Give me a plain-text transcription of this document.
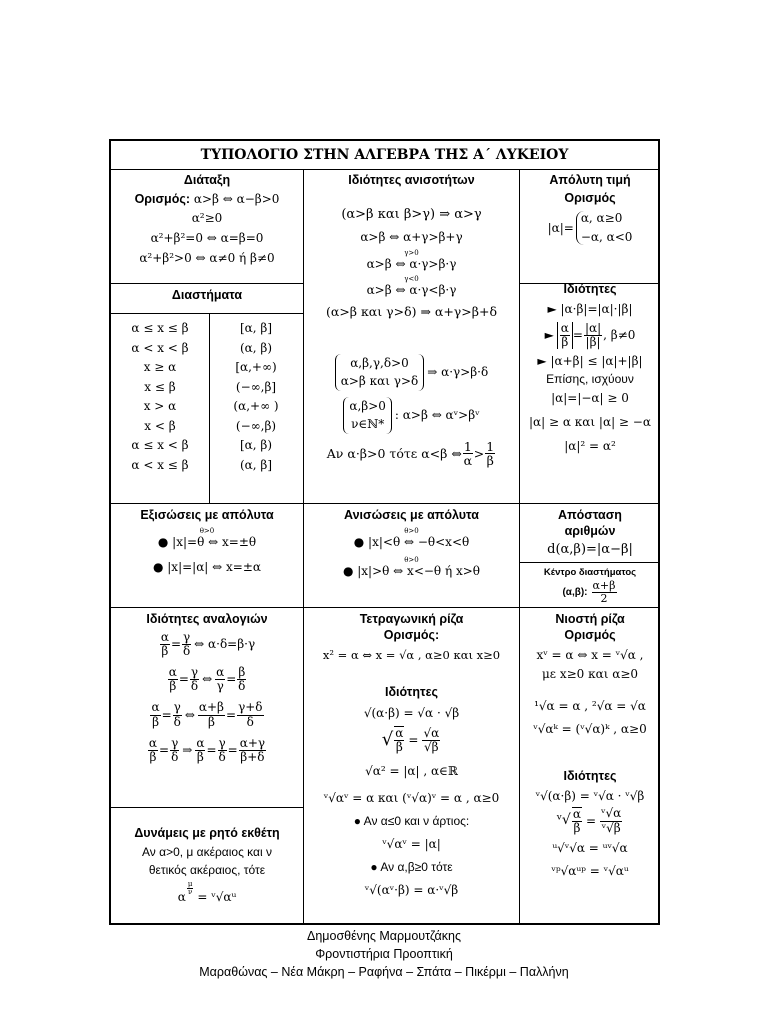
ΤΥΠΟΛΟΓΙΟ ΣΤΗΝ ΑΛΓΕΒΡΑ ΤΗΣ Α΄ ΛΥΚΕΙΟΥ
Διάταξη
Ορισμός: α>β ⇔ α−β>0
α²≥0
α²+β²=0 ⇔ α=β=0
α²+β²>0 ⇔ α≠0 ή β≠0
Ιδιότητες ανισοτήτων
(α>β και β>γ) ⇒ α>γ
α>β ⇔ α+γ>β+γ
γ>0
α>β ⇔ α·γ>β·γ
γ<0
α>β ⇔ α·γ<β·γ
(α>β και γ>δ) ⇒ α+γ>β+δ
α,β,γ,δ>0
α>β και γ>δ
⇒ α·γ>β·δ
α,β>0
ν∈ℕ*
: α>β ⇔ αᵛ>βᵛ
Αν α·β>0 τότε α<β ⇔ $\frac{1}{\alpha} > \frac{1}{\beta}$
Απόλυτη τιμή
Ορισμός
|α|=
α, α≥0
−α, α<0
Ιδιότητες
► |α·β|=|α|·|β|
► $\frac{\alpha}{\beta} = \frac{|\alpha|}{|\beta|}$ , β≠0
► |α+β| ≤ |α|+|β|
Επίσης, ισχύουν
|α|=|−α| ≥ 0
|α| ≥ α και |α| ≥ −α
|α|² = α²
Διαστήματα
α ≤ x ≤ β	[α, β]
α < x < β	(α, β)
x ≥ α	[α,+∞)
x ≤ β	(−∞,β]
x > α	(α,+∞ )
x < β	(−∞,β)
α ≤ x < β	[α, β)
α < x ≤ β	(α, β]
Εξισώσεις με απόλυτα
θ>0
● |x|=θ ⇔ x=±θ
● |x|=|α| ⇔ x=±α
Ανισώσεις με απόλυτα
θ>0
● |x|<θ ⇔ −θ<x<θ
θ>0
● |x|>θ ⇔ x<−θ ή x>θ
Απόσταση
αριθμών
d(α,β)=|α−β|
Κέντρο διαστήματος
(α,β): $\frac{\alpha+\beta}{2}$
Ιδιότητες αναλογιών
$\frac{\alpha}{\beta} = \frac{\gamma}{\delta}$ ⇔ α·δ=β·γ
$\frac{\alpha}{\beta} = \frac{\gamma}{\delta}$ ⇔ $\frac{\alpha}{\gamma} = \frac{\beta}{\delta}$
$\frac{\alpha}{\beta} = \frac{\gamma}{\delta}$ ⇔ $\frac{\alpha+\beta}{\beta} = \frac{\gamma+\delta}{\delta}$
$\frac{\alpha}{\beta} = \frac{\gamma}{\delta}$ ⇒ $\frac{\alpha}{\beta} = \frac{\gamma}{\delta} = \frac{\alpha+\gamma}{\beta+\delta}$
Δυνάμεις με ρητό εκθέτη
Αν α>0, μ ακέραιος και ν
θετικός ακέραιος, τότε
α $\frac{\mu}{\nu}$ = ᵛ√αᵘ
Τετραγωνική ρίζα
Ορισμός:
x² = α ⇔ x = √α , α≥0 και x≥0
Ιδιότητες
√(α·β) = √α · √β
√ $\frac{\alpha}{\beta} = \frac{√\alpha}{√\beta}$
√α² = |α| , α∈ℝ
ᵛ√αᵛ = α και (ᵛ√α)ᵛ = α , α≥0
● Αν α≤0 και ν άρτιος:
ᵛ√αᵛ = |α|
● Αν α,β≥0 τότε
ᵛ√(αᵛ·β) = α·ᵛ√β
Νιοστή ρίζα
Ορισμός
xᵛ = α ⇔ x = ᵛ√α ,
με x≥0 και α≥0
¹√α = α , ²√α = √α
ᵛ√αᵏ = (ᵛ√α)ᵏ , α≥0
Ιδιότητες
ᵛ√(α·β) = ᵛ√α · ᵛ√β
ᵛ√ $\frac{\alpha}{\beta} = \frac{\text{ᵛ√α}}{\text{ᵛ√β}}$
ᵘ√ᵛ√α = ᵘᵛ√α
ᵛᵖ√αᵘᵖ = ᵛ√αᵘ
Δημοσθένης Μαρμουτζάκης
Φροντιστήρια Προοπτική
Μαραθώνας – Νέα Μάκρη – Ραφήνα – Σπάτα – Πικέρμι – Παλλήνη
